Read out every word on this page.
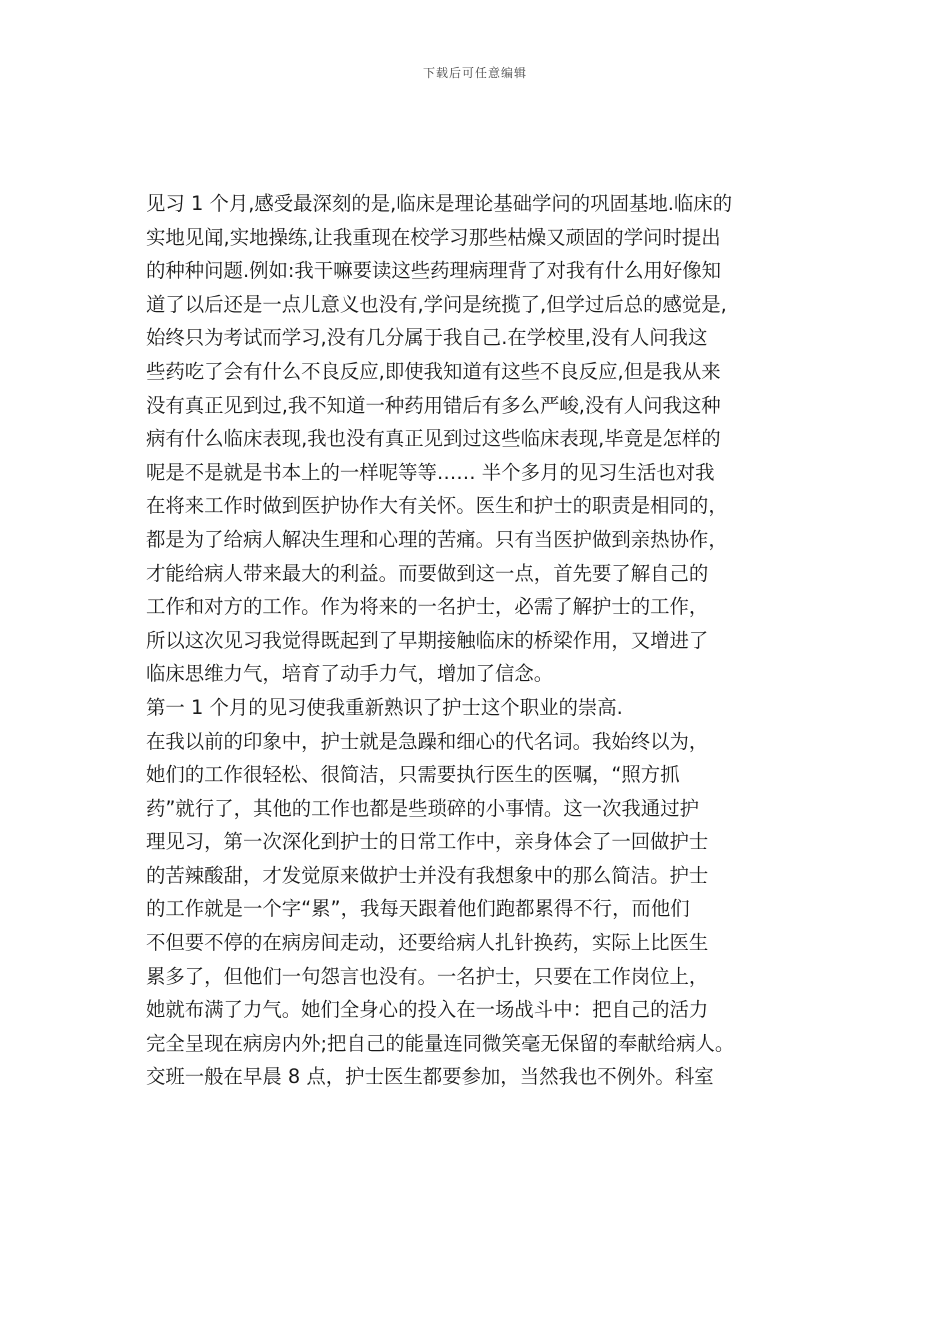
下载后可任意编辑
见习 1 个月,感受最深刻的是,临床是理论基础学问的巩固基地.临床的
实地见闻,实地操练,让我重现在校学习那些枯燥又顽固的学问时提出
的种种问题.例如:我干嘛要读这些药理病理背了对我有什么用好像知
道了以后还是一点儿意义也没有,学问是统揽了,但学过后总的感觉是,
始终只为考试而学习,没有几分属于我自己.在学校里,没有人问我这
些药吃了会有什么不良反应,即使我知道有这些不良反应,但是我从来
没有真正见到过,我不知道一种药用错后有多么严峻,没有人问我这种
病有什么临床表现,我也没有真正见到过这些临床表现,毕竟是怎样的
呢是不是就是书本上的一样呢等等…… 半个多月的见习生活也对我
在将来工作时做到医护协作大有关怀。医生和护士的职责是相同的，
都是为了给病人解决生理和心理的苦痛。只有当医护做到亲热协作，
才能给病人带来最大的利益。而要做到这一点，首先要了解自己的
工作和对方的工作。作为将来的一名护士，必需了解护士的工作，
所以这次见习我觉得既起到了早期接触临床的桥梁作用，又增进了
临床思维力气，培育了动手力气，增加了信念。
第一 1 个月的见习使我重新熟识了护士这个职业的崇高.
在我以前的印象中，护士就是急躁和细心的代名词。我始终以为，
她们的工作很轻松、很简洁，只需要执行医生的医嘱，“照方抓
药”就行了，其他的工作也都是些琐碎的小事情。这一次我通过护
理见习，第一次深化到护士的日常工作中，亲身体会了一回做护士
的苦辣酸甜，才发觉原来做护士并没有我想象中的那么简洁。护士
的工作就是一个字“累”，我每天跟着他们跑都累得不行，而他们
不但要不停的在病房间走动，还要给病人扎针换药，实际上比医生
累多了，但他们一句怨言也没有。一名护士，只要在工作岗位上，
她就布满了力气。她们全身心的投入在一场战斗中：把自己的活力
完全呈现在病房内外;把自己的能量连同微笑毫无保留的奉献给病人。
交班一般在早晨 8 点，护士医生都要参加，当然我也不例外。科室
